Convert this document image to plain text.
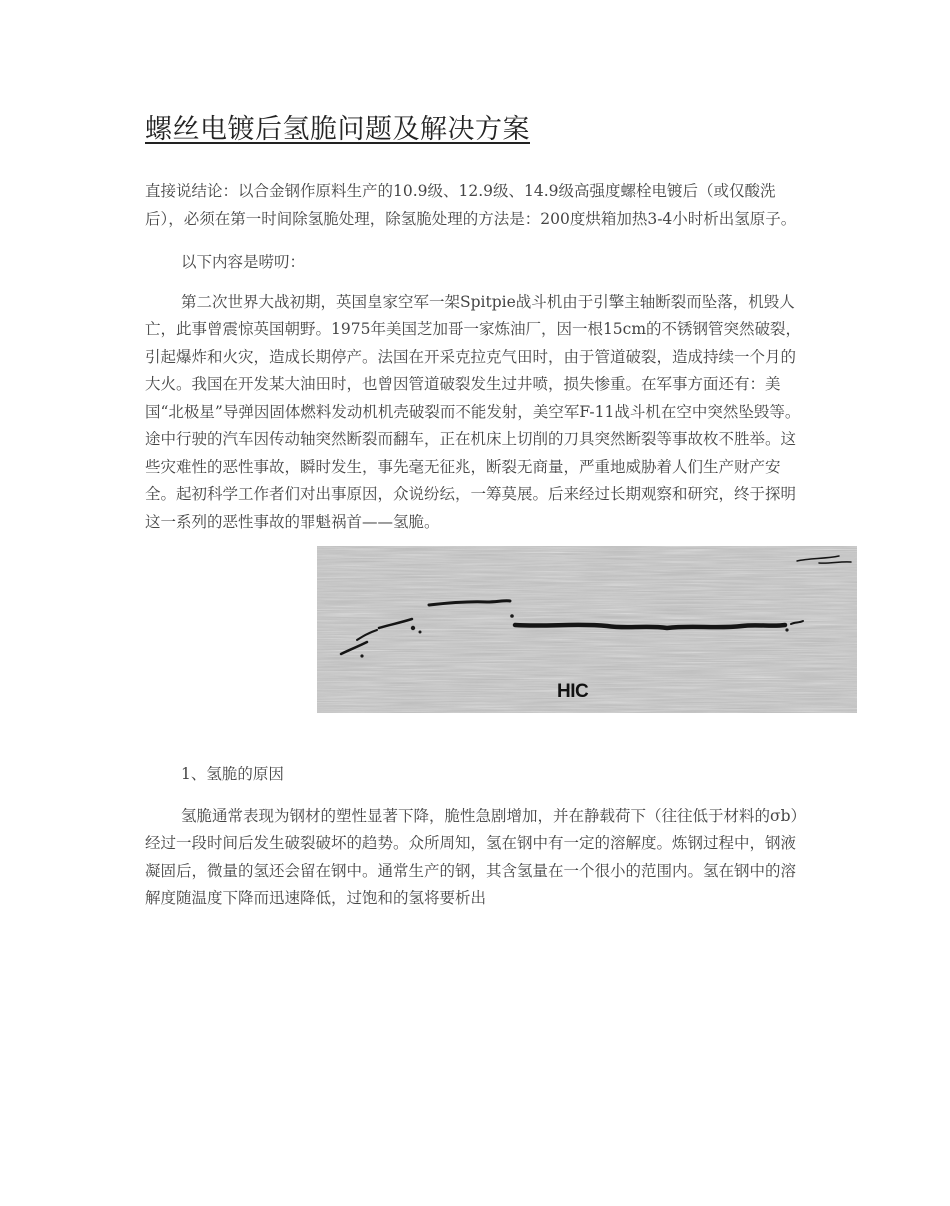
螺丝电镀后氢脆问题及解决方案

直接说结论：以合金钢作原料生产的10.9级、12.9级、14.9级高强度螺栓电镀后（或仅酸洗后），必须在第一时间除氢脆处理，除氢脆处理的方法是：200度烘箱加热3-4小时析出氢原子。

以下内容是唠叨：

第二次世界大战初期，英国皇家空军一架Spitpie战斗机由于引擎主轴断裂而坠落，机毁人亡，此事曾震惊英国朝野。1975年美国芝加哥一家炼油厂，因一根15cm的不锈钢管突然破裂，引起爆炸和火灾，造成长期停产。法国在开采克拉克气田时，由于管道破裂，造成持续一个月的大火。我国在开发某大油田时，也曾因管道破裂发生过井喷，损失惨重。在军事方面还有：美国“北极星”导弹因固体燃料发动机机壳破裂而不能发射，美空军F-11战斗机在空中突然坠毁等。途中行驶的汽车因传动轴突然断裂而翻车，正在机床上切削的刀具突然断裂等事故枚不胜举。这些灾难性的恶性事故，瞬时发生，事先毫无征兆，断裂无商量，严重地威胁着人们生产财产安全。起初科学工作者们对出事原因，众说纷纭，一筹莫展。后来经过长期观察和研究，终于探明这一系列的恶性事故的罪魁祸首——氢脆。

HIC

1、氢脆的原因

氢脆通常表现为钢材的塑性显著下降，脆性急剧增加，并在静载荷下（往往低于材料的σb）经过一段时间后发生破裂破坏的趋势。众所周知，氢在钢中有一定的溶解度。炼钢过程中，钢液凝固后，微量的氢还会留在钢中。通常生产的钢，其含氢量在一个很小的范围内。氢在钢中的溶解度随温度下降而迅速降低，过饱和的氢将要析出
